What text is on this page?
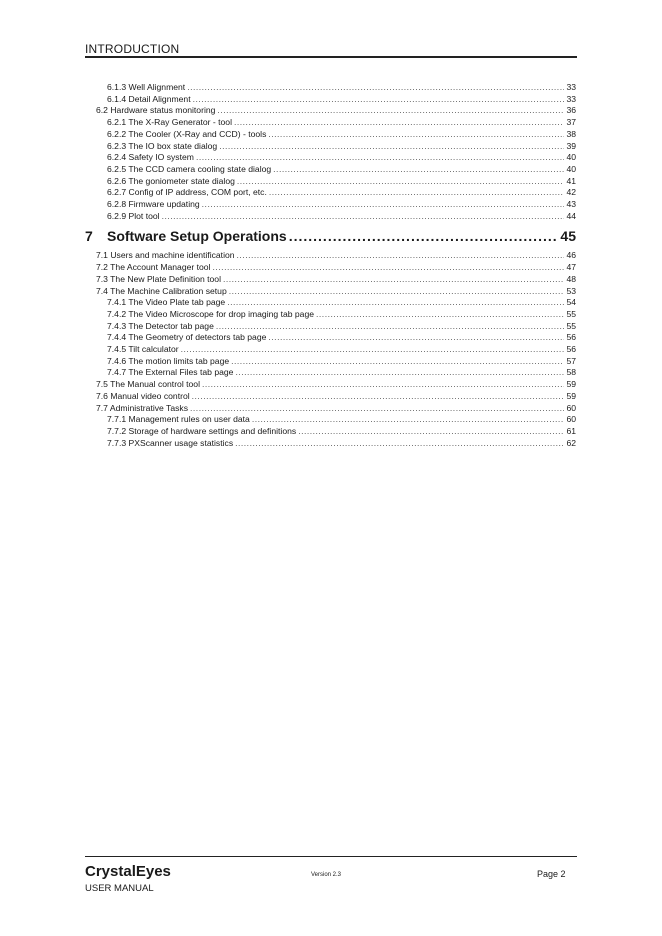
INTRODUCTION
6.1.3 Well Alignment .....	33
6.1.4 Detail Alignment .....	33
6.2 Hardware status monitoring .....	36
6.2.1 The X-Ray Generator - tool .....	37
6.2.2 The Cooler (X-Ray and CCD) - tools .....	38
6.2.3 The IO box state dialog .....	39
6.2.4 Safety IO system .....	40
6.2.5 The CCD camera cooling state dialog .....	40
6.2.6 The goniometer state dialog .....	41
6.2.7 Config of IP address, COM port, etc. .....	42
6.2.8 Firmware updating .....	43
6.2.9 Plot tool .....	44
7 Software Setup Operations .....	45
7.1 Users and machine identification .....	46
7.2 The Account Manager tool .....	47
7.3 The New Plate Definition tool .....	48
7.4 The Machine Calibration setup .....	53
7.4.1 The Video Plate tab page .....	54
7.4.2 The Video Microscope for drop imaging tab page .....	55
7.4.3 The Detector tab page .....	55
7.4.4 The Geometry of detectors tab page .....	56
7.4.5 Tilt calculator .....	56
7.4.6 The motion limits tab page .....	57
7.4.7 The External Files tab page .....	58
7.5 The Manual control tool .....	59
7.6 Manual video control .....	59
7.7 Administrative Tasks .....	60
7.7.1 Management rules on user data .....	60
7.7.2 Storage of hardware settings and definitions .....	61
7.7.3 PXScanner usage statistics .....	62
CrystalEyes
USER MANUAL
Version 2.3	Page 2
